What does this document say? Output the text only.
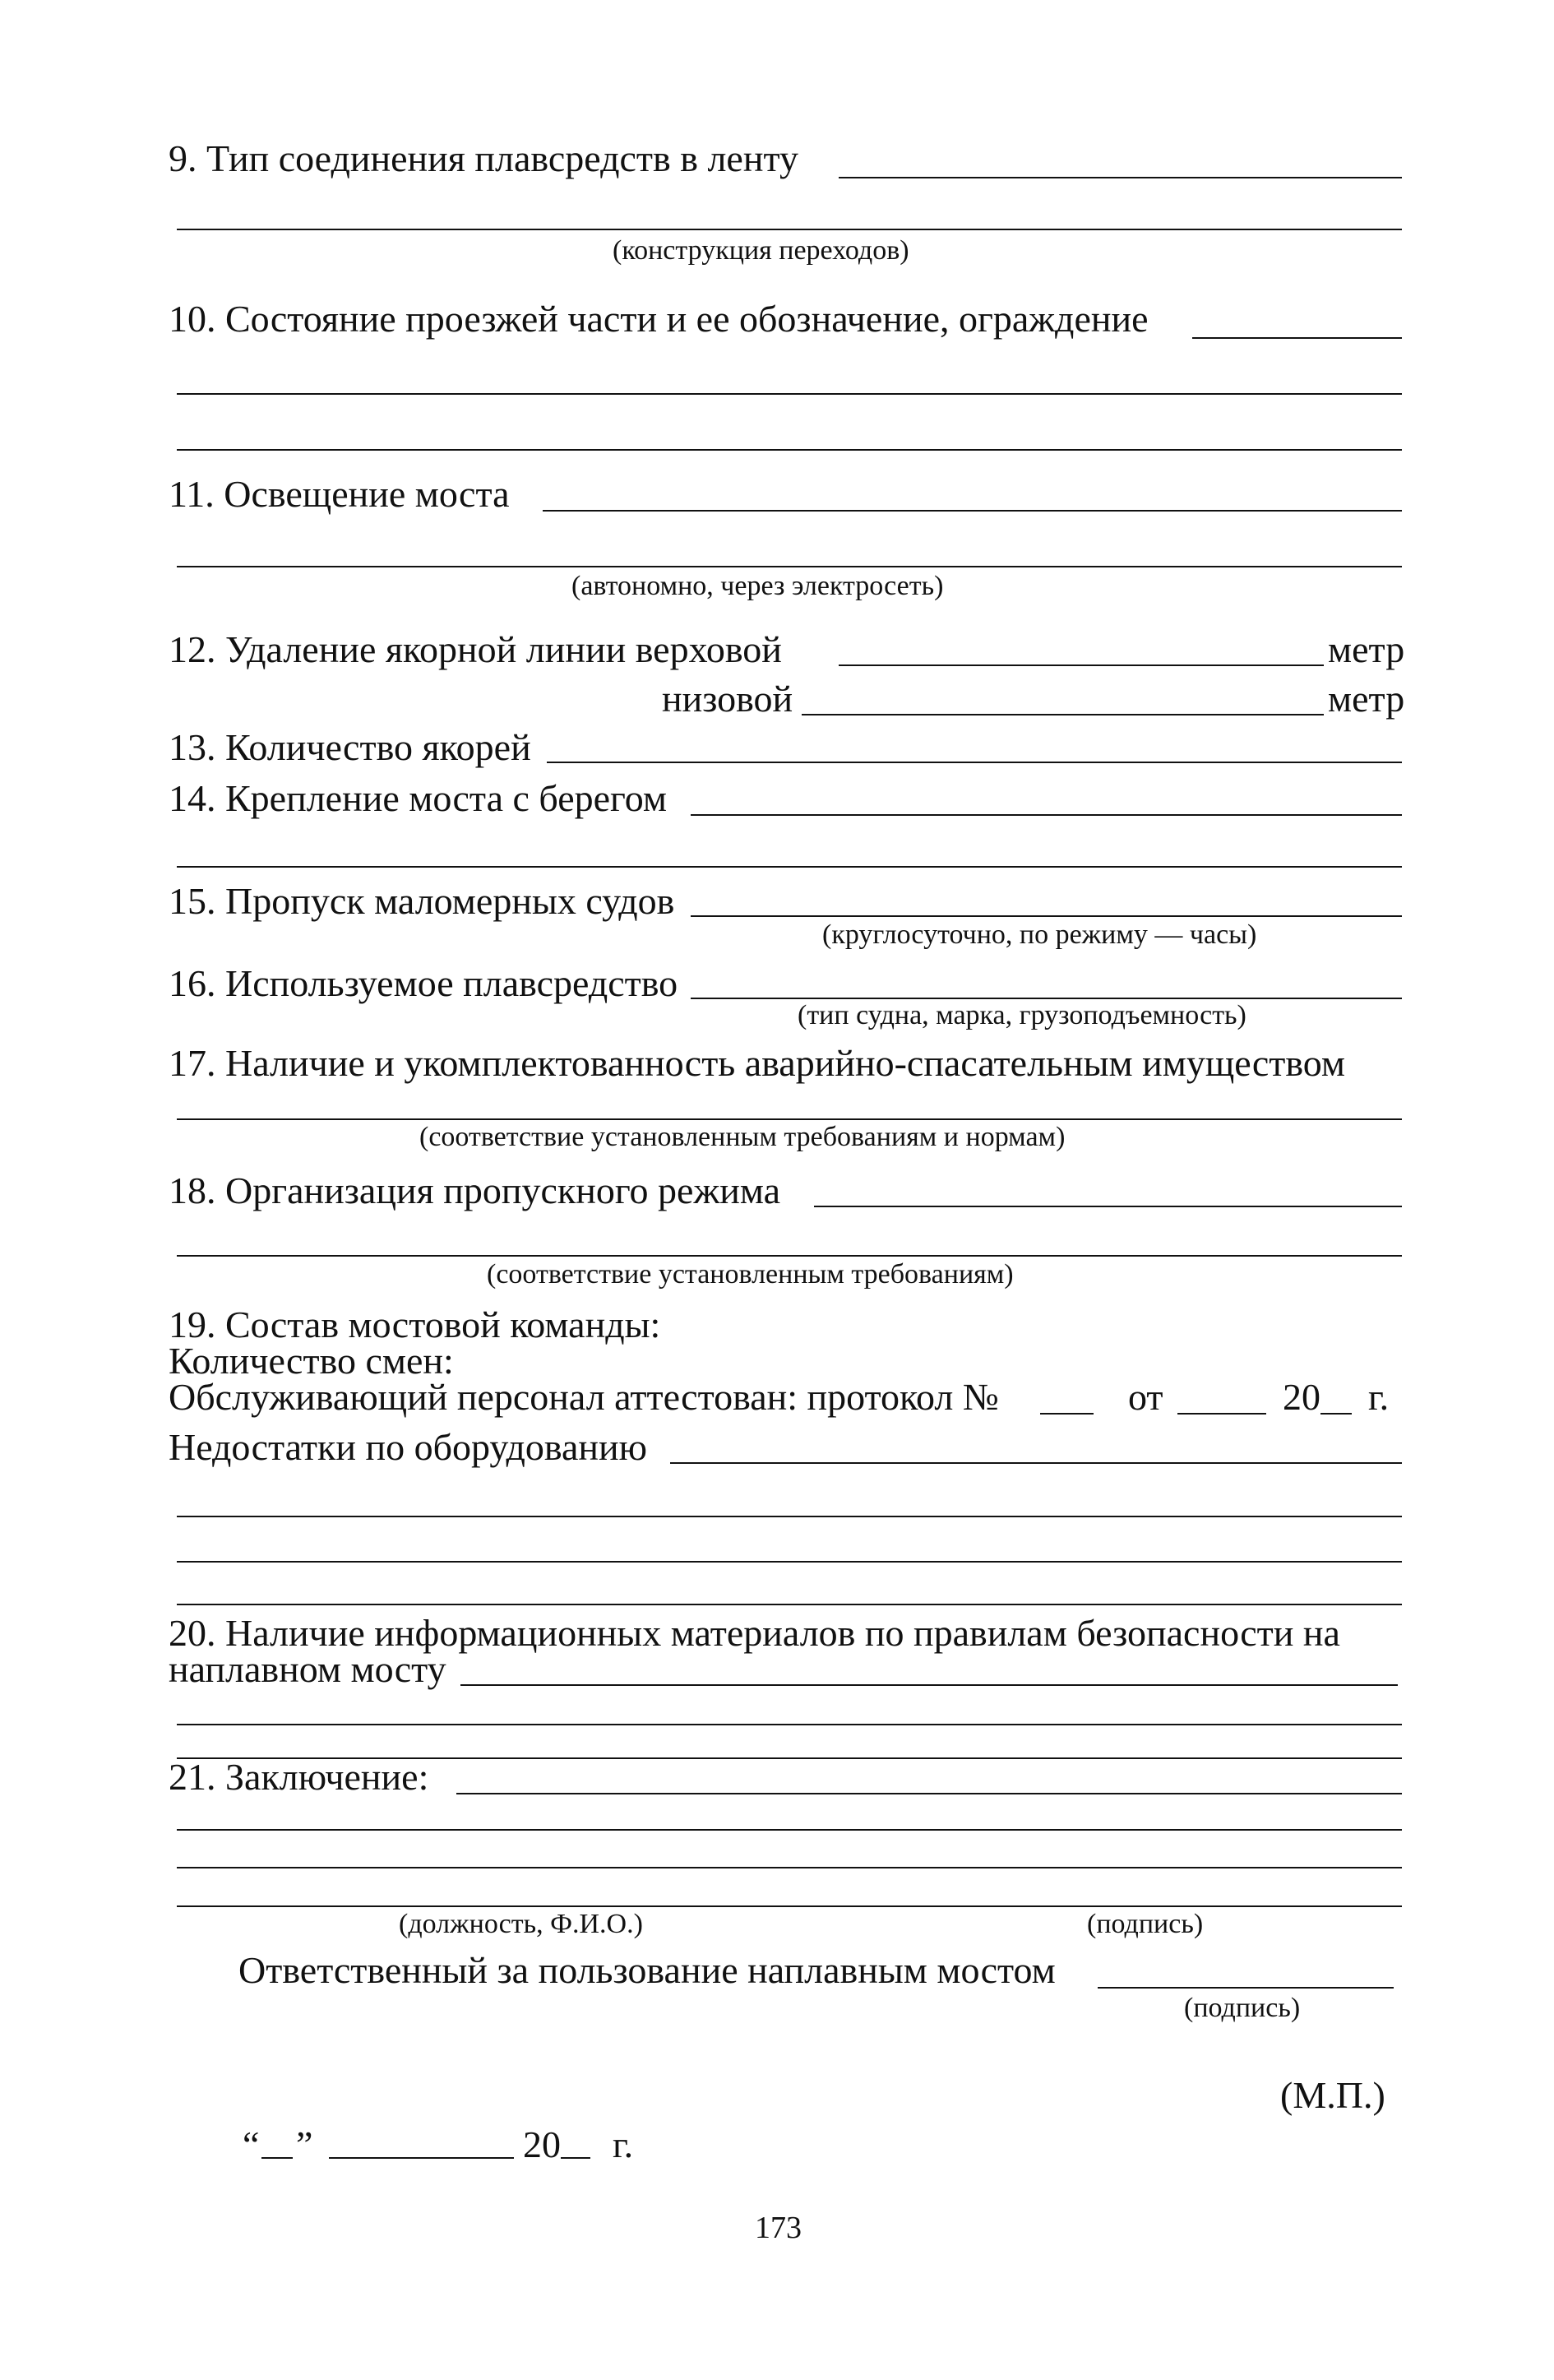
9. Тип соединения плавсредств в ленту
(конструкция переходов)
10. Состояние проезжей части и ее обозначение, ограждение
11. Освещение моста
(автономно, через электросеть)
12. Удаление якорной линии верховой	метр
низовой	метр
13. Количество якорей
14. Крепление моста с берегом
15. Пропуск маломерных судов
(круглосуточно, по режиму — часы)
16. Используемое плавсредство
(тип судна, марка, грузоподъемность)
17. Наличие и укомплектованность аварийно-спасательным имуществом
(соответствие установленным требованиям и нормам)
18. Организация пропускного режима
(соответствие установленным требованиям)
19. Состав мостовой команды:
Количество смен:
Обслуживающий персонал аттестован: протокол №	от	20 г.
Недостатки по оборудованию
20. Наличие информационных материалов по правилам безопасности на
наплавном мосту
21. Заключение:
(должность, Ф.И.О.)	(подпись)
Ответственный за пользование наплавным мостом
(подпись)
(М.П.)
“ ”	20 г.
173
